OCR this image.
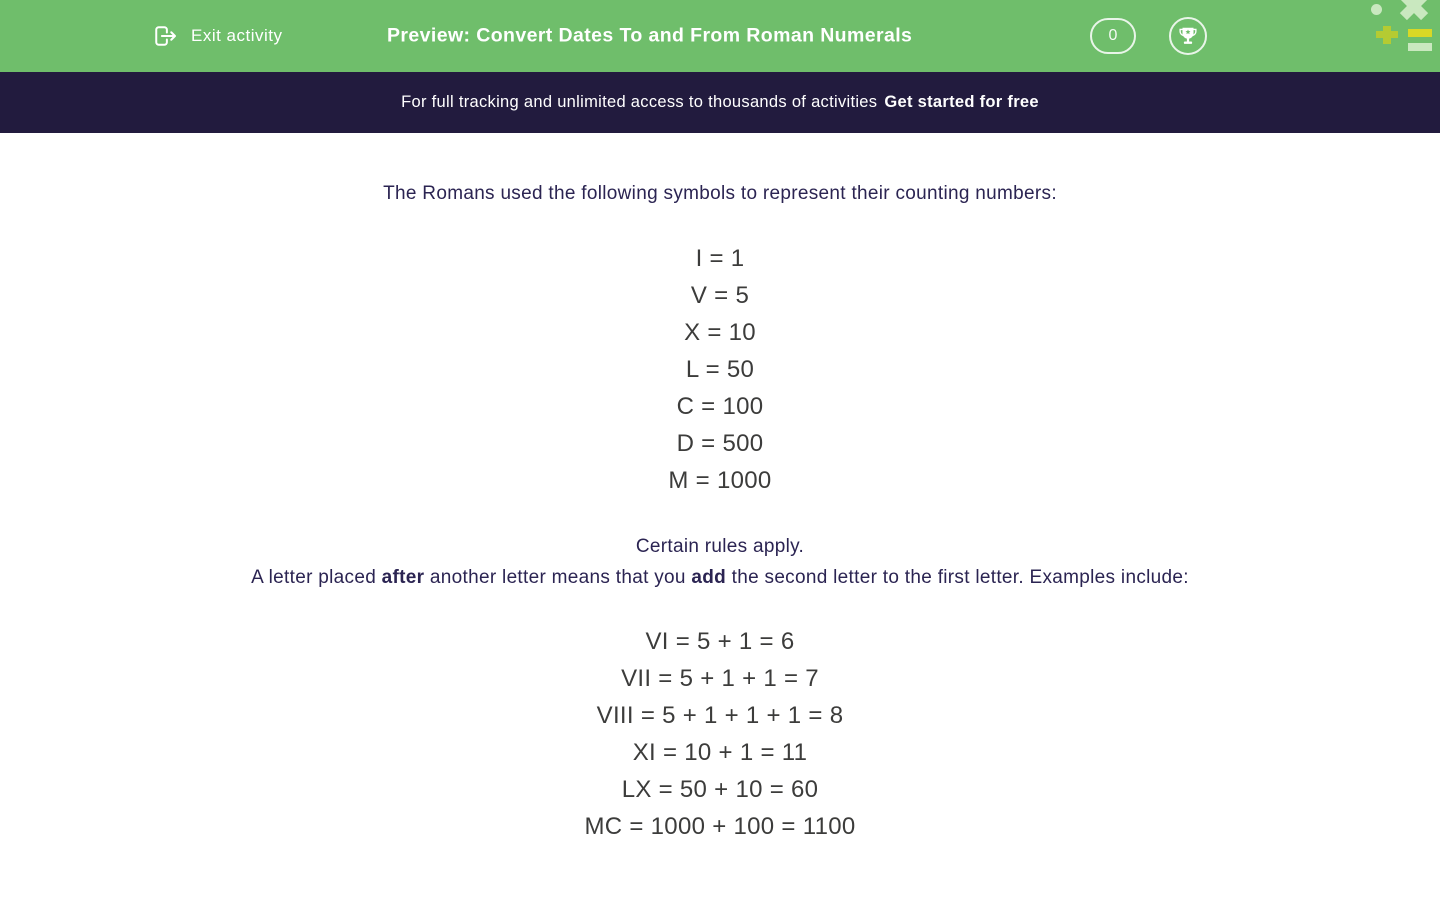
Exit activity	Preview: Convert Dates To and From Roman Numerals	0
For full tracking and unlimited access to thousands of activities Get started for free

The Romans used the following symbols to represent their counting numbers:

I = 1
V = 5
X = 10
L = 50
C = 100
D = 500
M = 1000
Certain rules apply.
A letter placed after another letter means that you add the second letter to the first letter. Examples include:
VI = 5 + 1 = 6
VII = 5 + 1 + 1 = 7
VIII = 5 + 1 + 1 + 1 = 8
XI = 10 + 1 = 11
LX = 50 + 10 = 60
MC = 1000 + 100 = 1100
